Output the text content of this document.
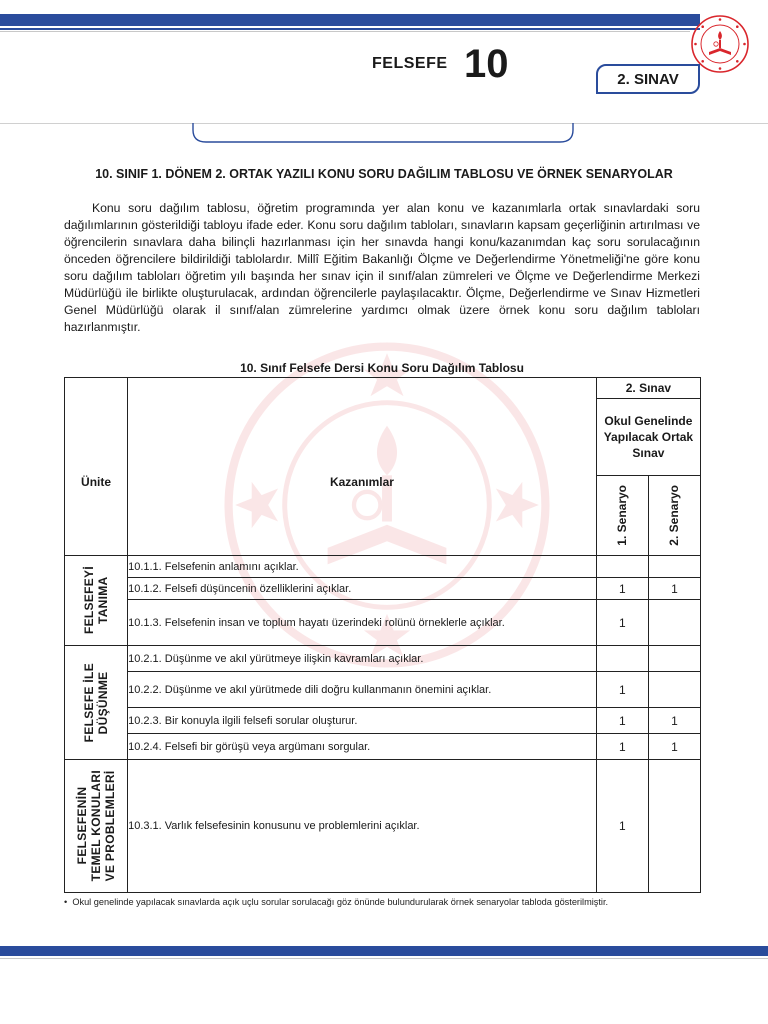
FELSEFE 10	2. SINAV
10. SINIF 1. DÖNEM 2. ORTAK YAZILI KONU SORU DAĞILIM TABLOSU VE ÖRNEK SENARYOLAR

Konu soru dağılım tablosu, öğretim programında yer alan konu ve kazanımlarla ortak sınavlardaki soru dağılımlarının gösterildiği tabloyu ifade eder. Konu soru dağılım tabloları, sınavların kapsam geçerliğinin artırılması ve öğrencilerin sınavlara daha bilinçli hazırlanması için her sınavda hangi konu/kazanımdan kaç soru sorulacağının önceden öğrencilere bildirildiği tablolardır. Millî Eğitim Bakanlığı Ölçme ve Değerlendirme Yönetmeliği'ne göre konu soru dağılım tabloları öğretim yılı başında her sınav için il sınıf/alan zümreleri ve Ölçme ve Değerlendirme Merkezi Müdürlüğü ile birlikte oluşturulacak, ardından öğrencilerle paylaşılacaktır. Ölçme, Değerlendirme ve Sınav Hizmetleri Genel Müdürlüğü olarak il sınıf/alan zümrelerine yardımcı olmak üzere örnek konu soru dağılım tabloları hazırlanmıştır.

10. Sınıf Felsefe Dersi Konu Soru Dağılım Tablosu
Ünite	Kazanımlar	2. Sınav	
		Okul Genelinde Yapılacak Ortak Sınav	

		1. Senaryo	2. Senaryo

FELSEFEYİ
TANIMA	10.1.1. Felsefenin anlamını açıklar.		
	10.1.2. Felsefi düşüncenin özelliklerini açıklar.	1	1
	10.1.3. Felsefenin insan ve toplum hayatı üzerindeki rolünü örneklerle açıklar.	1	

FELSEFE İLE
DÜŞÜNME	10.2.1. Düşünme ve akıl yürütmeye ilişkin kavramları açıklar.		
	10.2.2. Düşünme ve akıl yürütmede dili doğru kullanmanın önemini açıklar.	1	
	10.2.3. Bir konuyla ilgili felsefi sorular oluşturur.	1	1
	10.2.4. Felsefi bir görüşü veya argümanı sorgular.	1	1

FELSEFENİN
TEMEL KONULARI
VE PROBLEMLERİ	10.3.1. Varlık felsefesinin konusunu ve problemlerini açıklar.	1	
•  Okul genelinde yapılacak sınavlarda açık uçlu sorular sorulacağı göz önünde bulundurularak örnek senaryolar tabloda gösterilmiştir.
